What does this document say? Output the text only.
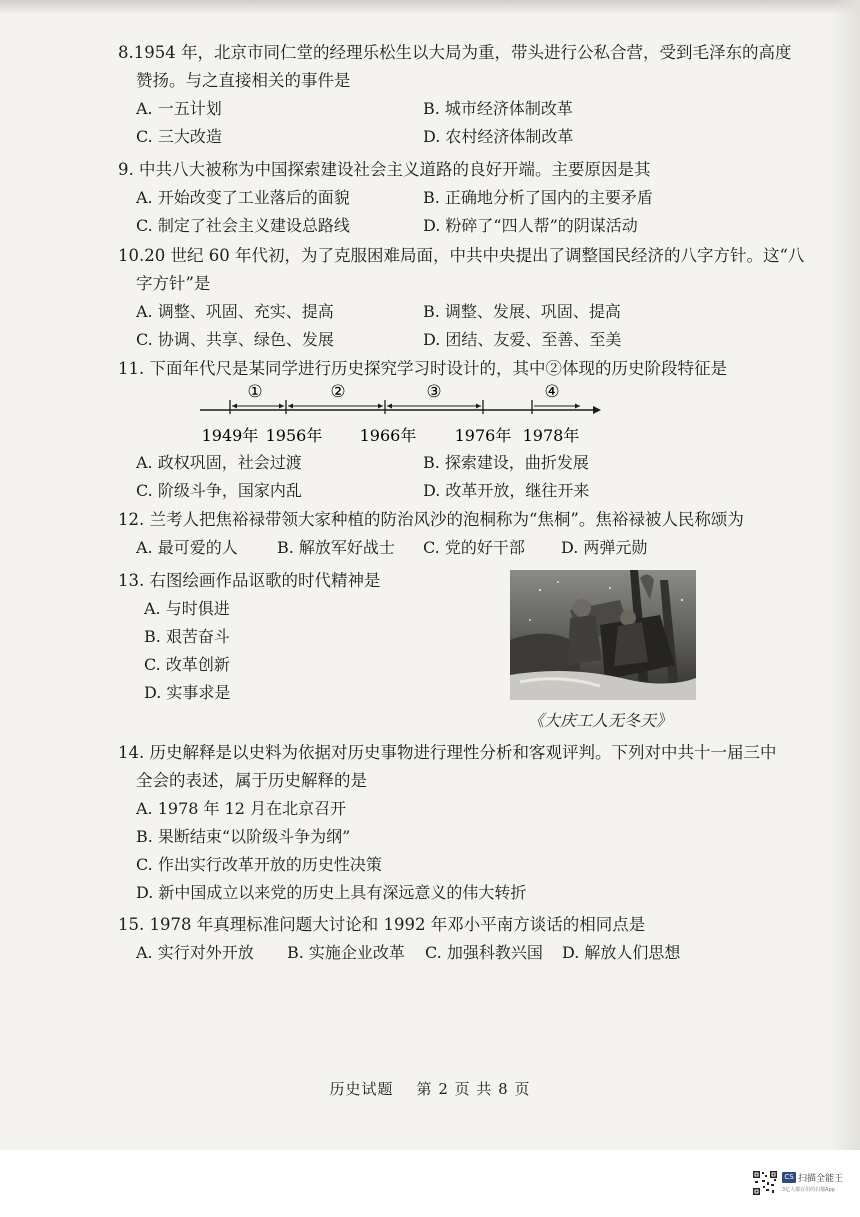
8.1954 年，北京市同仁堂的经理乐松生以大局为重，带头进行公私合营，受到毛泽东的高度
赞扬。与之直接相关的事件是
A. 一五计划	B. 城市经济体制改革
C. 三大改造	D. 农村经济体制改革
9. 中共八大被称为中国探索建设社会主义道路的良好开端。主要原因是其
A. 开始改变了工业落后的面貌	B. 正确地分析了国内的主要矛盾
C. 制定了社会主义建设总路线	D. 粉碎了“四人帮”的阴谋活动
10.20 世纪 60 年代初，为了克服困难局面，中共中央提出了调整国民经济的八字方针。这“八
字方针”是
A. 调整、巩固、充实、提高	B. 调整、发展、巩固、提高
C. 协调、共享、绿色、发展	D. 团结、友爱、至善、至美
11. 下面年代尺是某同学进行历史探究学习时设计的，其中②体现的历史阶段特征是
①	②	③	④
1949年 1956年 1966年 1976年 1978年
A. 政权巩固，社会过渡	B. 探索建设，曲折发展
C. 阶级斗争，国家内乱	D. 改革开放，继往开来
12. 兰考人把焦裕禄带领大家种植的防治风沙的泡桐称为“焦桐”。焦裕禄被人民称颂为
A. 最可爱的人 B. 解放军好战士 C. 党的好干部 D. 两弹元勋
13. 右图绘画作品讴歌的时代精神是
A. 与时俱进
B. 艰苦奋斗
C. 改革创新
D. 实事求是
《大庆工人无冬天》
14. 历史解释是以史料为依据对历史事物进行理性分析和客观评判。下列对中共十一届三中
全会的表述，属于历史解释的是
A. 1978 年 12 月在北京召开
B. 果断结束“以阶级斗争为纲”
C. 作出实行改革开放的历史性决策
D. 新中国成立以来党的历史上具有深远意义的伟大转折
15. 1978 年真理标准问题大讨论和 1992 年邓小平南方谈话的相同点是
A. 实行对外开放 B. 实施企业改革 C. 加强科教兴国 D. 解放人们思想
历史试题    第 2 页 共 8 页
CS 扫描全能王
3亿人都在用的扫描App
